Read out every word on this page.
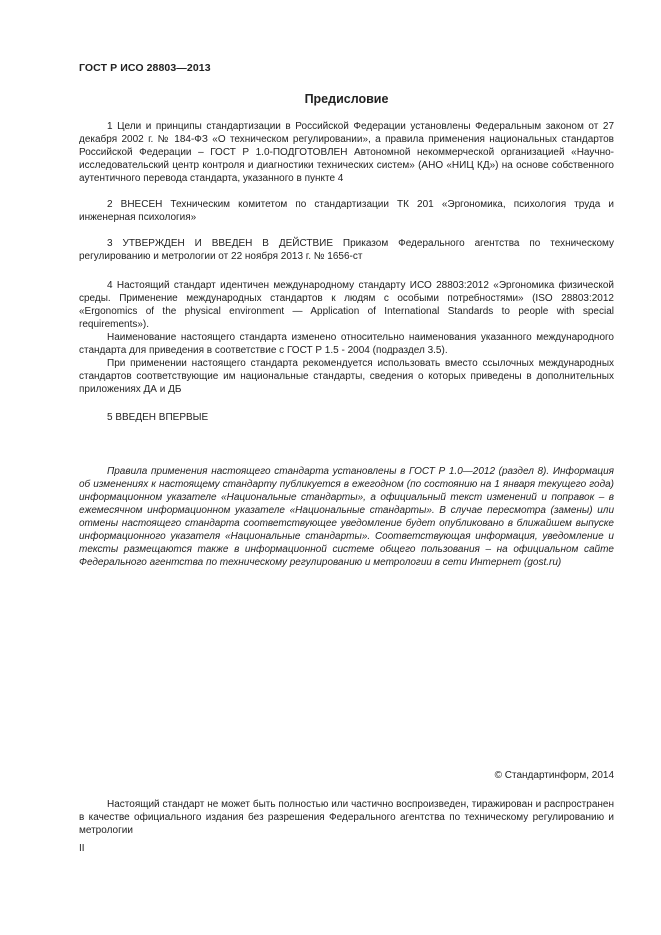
ГОСТ Р ИСО 28803—2013
Предисловие

1 Цели и принципы стандартизации в Российской Федерации установлены Федеральным законом от 27 декабря 2002 г. № 184-ФЗ «О техническом регулировании», а правила применения национальных стандартов Российской Федерации – ГОСТ Р 1.0-ПОДГОТОВЛЕН Автономной некоммерческой организацией «Научно-исследовательский центр контроля и диагностики технических систем» (АНО «НИЦ КД») на основе собственного аутентичного перевода стандарта, указанного в пункте 4

2 ВНЕСЕН Техническим комитетом по стандартизации ТК 201 «Эргономика, психология труда и инженерная психология»

3 УТВЕРЖДЕН И ВВЕДЕН В ДЕЙСТВИЕ Приказом Федерального агентства по техническому регулированию и метрологии от 22 ноября 2013 г. № 1656-ст

4 Настоящий стандарт идентичен международному стандарту ИСО 28803:2012 «Эргономика физической среды. Применение международных стандартов к людям с особыми потребностями» (ISO 28803:2012 «Ergonomics of the physical environment — Application of International Standards to people with special requirements»).

Наименование настоящего стандарта изменено относительно наименования указанного международного стандарта для приведения в соответствие с ГОСТ Р 1.5 - 2004 (подраздел 3.5).

При применении настоящего стандарта рекомендуется использовать вместо ссылочных международных стандартов соответствующие им национальные стандарты, сведения о которых приведены в дополнительных приложениях ДА и ДБ

5 ВВЕДЕН ВПЕРВЫЕ

Правила применения настоящего стандарта установлены в ГОСТ Р 1.0—2012 (раздел 8). Информация об изменениях к настоящему стандарту публикуется в ежегодном (по состоянию на 1 января текущего года) информационном указателе «Национальные стандарты», а официальный текст изменений и поправок – в ежемесячном информационном указателе «Национальные стандарты». В случае пересмотра (замены) или отмены настоящего стандарта соответствующее уведомление будет опубликовано в ближайшем выпуске информационного указателя «Национальные стандарты». Соответствующая информация, уведомление и тексты размещаются также в информационной системе общего пользования – на официальном сайте Федерального агентства по техническому регулированию и метрологии в сети Интернет (gost.ru)

© Стандартинформ, 2014

Настоящий стандарт не может быть полностью или частично воспроизведен, тиражирован и распространен в качестве официального издания без разрешения Федерального агентства по техническому регулированию и метрологии

II
